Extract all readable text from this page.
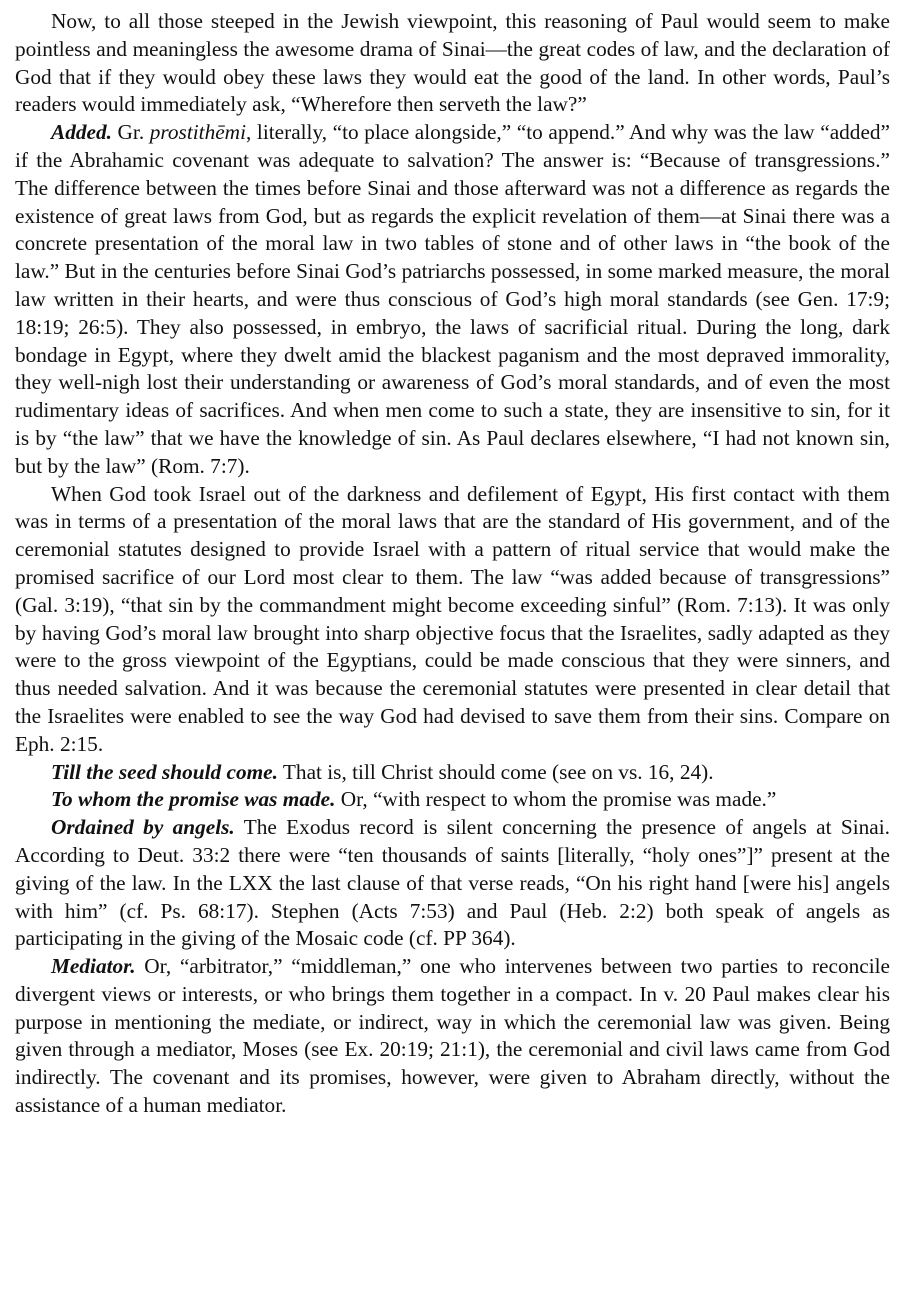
Now, to all those steeped in the Jewish viewpoint, this reasoning of Paul would seem to make pointless and meaningless the awesome drama of Sinai—the great codes of law, and the declaration of God that if they would obey these laws they would eat the good of the land. In other words, Paul’s readers would immediately ask, “Wherefore then serveth the law?”

Added. Gr. prostithēmi, literally, “to place alongside,” “to append.” And why was the law “added” if the Abrahamic covenant was adequate to salvation? The answer is: “Because of transgressions.” The difference between the times before Sinai and those afterward was not a difference as regards the existence of great laws from God, but as regards the explicit revelation of them—at Sinai there was a concrete presentation of the moral law in two tables of stone and of other laws in “the book of the law.” But in the centuries before Sinai God’s patriarchs possessed, in some marked measure, the moral law written in their hearts, and were thus conscious of God’s high moral standards (see Gen. 17:9; 18:19; 26:5). They also possessed, in embryo, the laws of sacrificial ritual. During the long, dark bondage in Egypt, where they dwelt amid the blackest paganism and the most depraved immorality, they well-nigh lost their understanding or awareness of God’s moral standards, and of even the most rudimentary ideas of sacrifices. And when men come to such a state, they are insensitive to sin, for it is by “the law” that we have the knowledge of sin. As Paul declares elsewhere, “I had not known sin, but by the law” (Rom. 7:7).

When God took Israel out of the darkness and defilement of Egypt, His first contact with them was in terms of a presentation of the moral laws that are the standard of His government, and of the ceremonial statutes designed to provide Israel with a pattern of ritual service that would make the promised sacrifice of our Lord most clear to them. The law “was added because of transgressions” (Gal. 3:19), “that sin by the commandment might become exceeding sinful” (Rom. 7:13). It was only by having God’s moral law brought into sharp objective focus that the Israelites, sadly adapted as they were to the gross viewpoint of the Egyptians, could be made conscious that they were sinners, and thus needed salvation. And it was because the ceremonial statutes were presented in clear detail that the Israelites were enabled to see the way God had devised to save them from their sins. Compare on Eph. 2:15.

Till the seed should come. That is, till Christ should come (see on vs. 16, 24).

To whom the promise was made. Or, “with respect to whom the promise was made.”

Ordained by angels. The Exodus record is silent concerning the presence of angels at Sinai. According to Deut. 33:2 there were “ten thousands of saints [literally, “holy ones”]” present at the giving of the law. In the LXX the last clause of that verse reads, “On his right hand [were his] angels with him” (cf. Ps. 68:17). Stephen (Acts 7:53) and Paul (Heb. 2:2) both speak of angels as participating in the giving of the Mosaic code (cf. PP 364).

Mediator. Or, “arbitrator,” “middleman,” one who intervenes between two parties to reconcile divergent views or interests, or who brings them together in a compact. In v. 20 Paul makes clear his purpose in mentioning the mediate, or indirect, way in which the ceremonial law was given. Being given through a mediator, Moses (see Ex. 20:19; 21:1), the ceremonial and civil laws came from God indirectly. The covenant and its promises, however, were given to Abraham directly, without the assistance of a human mediator.
